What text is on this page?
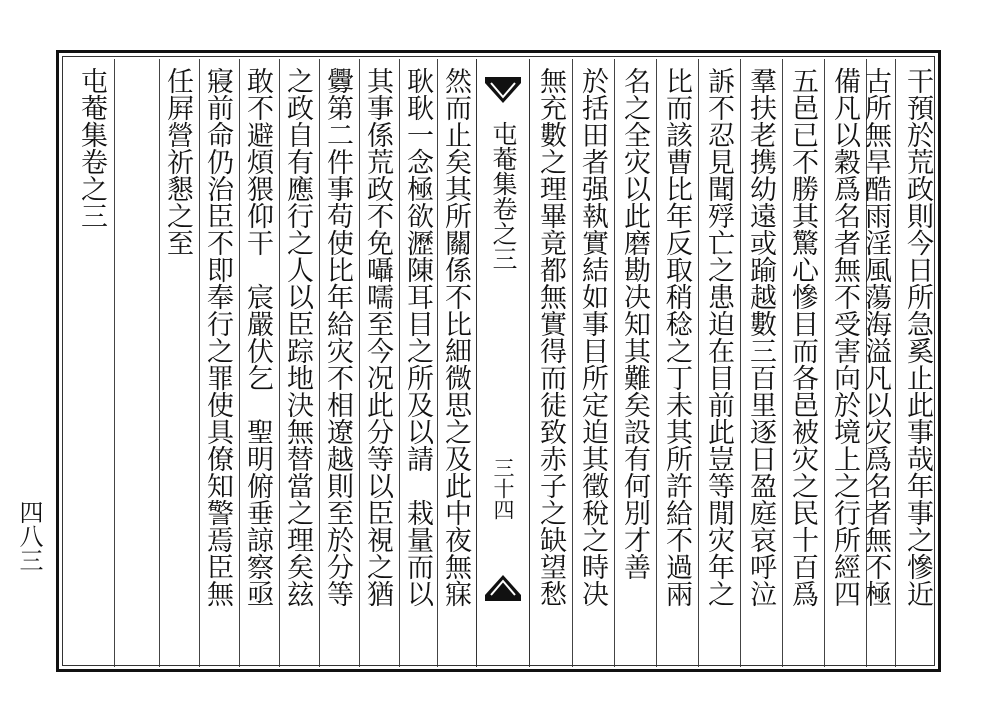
四八三
屯菴集卷之三 任屛營祈懇之至 寢前命仍治臣不即奉行之罪使具僚知警焉臣無 敢不避煩猥仰干　宸嚴伏乞　聖明俯垂諒察亟 之政自有應行之人以臣踪地決無替當之理矣玆 釁第二件事苟使比年給灾不相遼越則至於分等 其事係荒政不免囁嚅至今况此分等以臣視之猶 耿耿一念極欲瀝陳耳目之所及以請　栽量而以 然而止矣其所關係不比細微思之及此中夜無寐 屯菴集卷之三
三十四 無充數之理畢竟都無實得而徒致赤子之缺望愁 於括田者强執實結如事目所定迫其徵稅之時决 名之全灾以此磨勘决知其難矣設有何別才善 比而該曹比年反取稍稔之丁未其所許給不過兩 訴不忍見聞殍亡之患迫在目前此豈等閒灾年之 羣扶老携幼遠或踰越數三百里逐日盈庭哀呼泣 五邑已不勝其驚心慘目而各邑被灾之民十百爲 備凡以穀爲名者無不受害向於境上之行所經四 古所無旱酷雨淫風蕩海溢凡以灾爲名者無不極 干預於荒政則今日所急奚止此事哉年事之慘近
